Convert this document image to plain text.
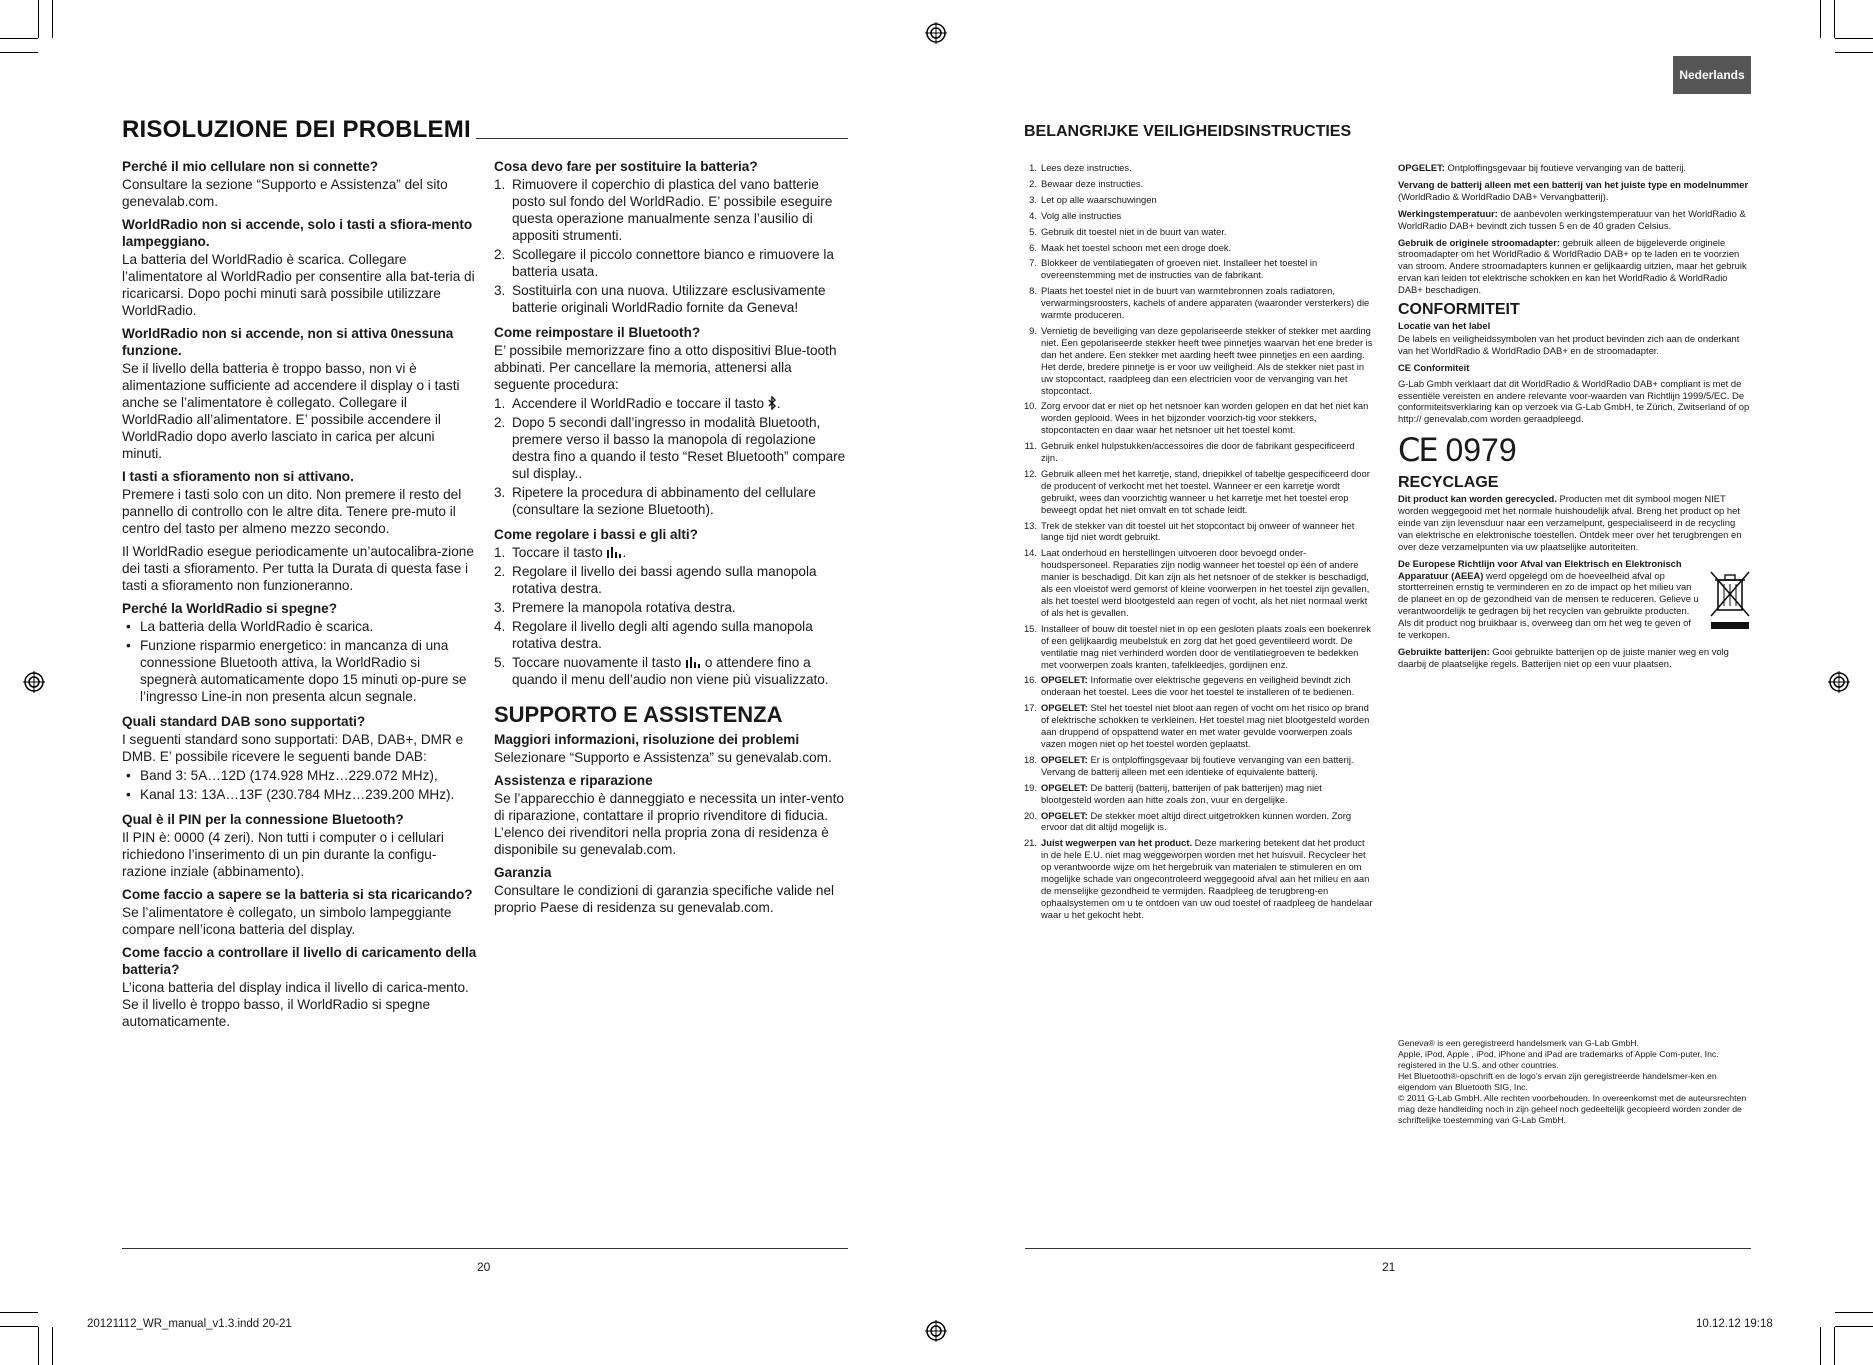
Nederlands
RISOLUZIONE DEI PROBLEMI
Perché il mio cellulare non si connette?

Consultare la sezione “Supporto e Assistenza” del sito genevalab.com.

WorldRadio non si accende, solo i tasti a sfiora-mento lampeggiano.

La batteria del WorldRadio è scarica. Collegare l’alimentatore al WorldRadio per consentire alla bat-teria di ricaricarsi. Dopo pochi minuti sarà possibile utilizzare WorldRadio.

WorldRadio non si accende, non si attiva 0nessuna funzione.

Se il livello della batteria è troppo basso, non vi è alimentazione sufficiente ad accendere il display o i tasti anche se l’alimentatore è collegato. Collegare il WorldRadio all’alimentatore. E’ possibile accendere il WorldRadio dopo averlo lasciato in carica per alcuni minuti.

I tasti a sfioramento non si attivano.

Premere i tasti solo con un dito. Non premere il resto del pannello di controllo con le altre dita. Tenere pre-muto il centro del tasto per almeno mezzo secondo.

Il WorldRadio esegue periodicamente un’autocalibra-zione dei tasti a sfioramento. Per tutta la Durata di questa fase i tasti a sfioramento non funzioneranno.

Perché la WorldRadio si spegne?
• La batteria della WorldRadio è scarica.
• Funzione risparmio energetico: in mancanza di una connessione Bluetooth attiva, la WorldRadio si spegnerà automaticamente dopo 15 minuti op-pure se l’ingresso Line-in non presenta alcun segnale.
Quali standard DAB sono supportati?

I seguenti standard sono supportati: DAB, DAB+, DMR e DMB. E’ possibile ricevere le seguenti bande DAB:

• Band 3: 5A…12D (174.928 MHz…229.072 MHz),
• Kanal 13: 13A…13F (230.784 MHz…239.200 MHz).
Qual è il PIN per la connessione Bluetooth?

Il PIN è: 0000 (4 zeri). Non tutti i computer o i cellulari richiedono l’inserimento di un pin durante la configu-razione inziale (abbinamento).

Come faccio a sapere se la batteria si sta ricaricando?

Se l’alimentatore è collegato, un simbolo lampeggiante compare nell’icona batteria del display.

Come faccio a controllare il livello di caricamento della batteria?

L’icona batteria del display indica il livello di carica-mento. Se il livello è troppo basso, il WorldRadio si spegne automaticamente.

Cosa devo fare per sostituire la batteria?
1. Rimuovere il coperchio di plastica del vano batterie posto sul fondo del WorldRadio. E’ possibile eseguire questa operazione manualmente senza l’ausilio di appositi strumenti.
2. Scollegare il piccolo connettore bianco e rimuovere la batteria usata.
3. Sostituirla con una nuova. Utilizzare esclusivamente batterie originali WorldRadio fornite da Geneva!
Come reimpostare il Bluetooth?

E’ possibile memorizzare fino a otto dispositivi Blue-tooth abbinati. Per cancellare la memoria, attenersi alla seguente procedura:

1. Accendere il WorldRadio e toccare il tasto .
2. Dopo 5 secondi dall’ingresso in modalità Bluetooth, premere verso il basso la manopola di regolazione destra fino a quando il testo “Reset Bluetooth” compare sul display..
3. Ripetere la procedura di abbinamento del cellulare (consultare la sezione Bluetooth).
Come regolare i bassi e gli alti?
1. Toccare il tasto .
2. Regolare il livello dei bassi agendo sulla manopola rotativa destra.
3. Premere la manopola rotativa destra.
4. Regolare il livello degli alti agendo sulla manopola rotativa destra.
5. Toccare nuovamente il tasto o attendere fino a quando il menu dell’audio non viene più visualizzato.
SUPPORTO E ASSISTENZA
Maggiori informazioni, risoluzione dei problemi

Selezionare “Supporto e Assistenza” su genevalab.com.

Assistenza e riparazione

Se l’apparecchio è danneggiato e necessita un inter-vento di riparazione, contattare il proprio rivenditore di fiducia. L’elenco dei rivenditori nella propria zona di residenza è disponibile su genevalab.com.

Garanzia

Consultare le condizioni di garanzia specifiche valide nel proprio Paese di residenza su genevalab.com.

20
BELANGRIJKE VEILIGHEIDSINSTRUCTIES
1. Lees deze instructies.
2. Bewaar deze instructies.
3. Let op alle waarschuwingen
4. Volg alle instructies
5. Gebruik dit toestel niet in de buurt van water.
6. Maak het toestel schoon met een droge doek.
7. Blokkeer de ventilatiegaten of groeven niet. Installeer het toestel in overeenstemming met de instructies van de fabrikant.
8. Plaats het toestel niet in de buurt van warmtebronnen zoals radiatoren, verwarmingsroosters, kachels of andere apparaten (waaronder versterkers) die warmte produceren.
9. Vernietig de beveiliging van deze gepolariseerde stekker of stekker met aarding niet. Een gepolariseerde stekker heeft twee pinnetjes waarvan het ene breder is dan het andere. Een stekker met aarding heeft twee pinnetjes en een aarding. Het derde, bredere pinnetje is er voor uw veiligheid. Als de stekker niet past in uw stopcontact, raadpleeg dan een electricien voor de vervanging van het stopcontact.
10. Zorg ervoor dat er niet op het netsnoer kan worden gelopen en dat het niet kan worden geplooid. Wees in het bijzonder voorzich-tig voor stekkers, stopcontacten en daar waar het netsnoer uit het toestel komt.
11. Gebruik enkel hulpstukken/accessoires die door de fabrikant gespecificeerd zijn.
12. Gebruik alleen met het karretje, stand, driepikkel of tabeltje gespecificeerd door de producent of verkocht met het toestel. Wanneer er een karretje wordt gebruikt, wees dan voorzichtig wanneer u het karretje met het toestel erop beweegt opdat het niet omvalt en tot schade leidt.
13. Trek de stekker van dit toestel uit het stopcontact bij onweer of wanneer het lange tijd niet wordt gebruikt.
14. Laat onderhoud en herstellingen uitvoeren door bevoegd onder-houdspersoneel. Reparaties zijn nodig wanneer het toestel op één of andere manier is beschadigd. Dit kan zijn als het netsnoer of de stekker is beschadigd, als een vloeistof werd gemorst of kleine voorwerpen in het toestel zijn gevallen, als het toestel werd blootgesteld aan regen of vocht, als het niet normaal werkt of als het is gevallen.
15. Installeer of bouw dit toestel niet in op een gesloten plaats zoals een boekenrek of een gelijkaardig meubelstuk en zorg dat het goed geventileerd wordt. De ventilatie mag niet verhinderd worden door de ventilatiegroeven te bedekken met voorwerpen zoals kranten, tafelkleedjes, gordijnen enz.
16. OPGELET: Informatie over elektrische gegevens en veiligheid bevindt zich onderaan het toestel. Lees die voor het toestel te installeren of te bedienen.
17. OPGELET: Stel het toestel niet bloot aan regen of vocht om het risico op brand of elektrische schokken te verkleinen. Het toestel mag niet blootgesteld worden aan druppend of opspattend water en met water gevulde voorwerpen zoals vazen mogen niet op het toestel worden geplaatst.
18. OPGELET: Er is ontploffingsgevaar bij foutieve vervanging van een batterij. Vervang de batterij alleen met een identieke of equivalente batterij.
19. OPGELET: De batterij (batterij, batterijen of pak batterijen) mag niet blootgesteld worden aan hitte zoals zon, vuur en dergelijke.
20. OPGELET: De stekker moet altijd direct uitgetrokken kunnen worden. Zorg ervoor dat dit altijd mogelijk is.
21. Juist wegwerpen van het product. Deze markering betekent dat het product in de hele E.U. niet mag weggeworpen worden met het huisvuil. Recycleer het op verantwoorde wijze om het hergebruik van materialen te stimuleren en om mogelijke schade van ongecontroleerd weggegooid afval aan het milieu en aan de menselijke gezondheid te vermijden. Raadpleeg de terugbreng-en ophaalsystemen om u te ontdoen van uw oud toestel of raadpleeg de handelaar waar u het gekocht hebt.

OPGELET: Ontploffingsgevaar bij foutieve vervanging van de batterij.

Vervang de batterij alleen met een batterij van het juiste type en modelnummer (WorldRadio & WorldRadio DAB+ Vervangbatterij).

Werkingstemperatuur: de aanbevolen werkingstemperatuur van het WorldRadio & WorldRadio DAB+ bevindt zich tussen 5 en de 40 graden Celsius.

Gebruik de originele stroomadapter: gebruik alleen de bijgeleverde originele stroomadapter om het WorldRadio & WorldRadio DAB+ op te laden en te voorzien van stroom. Andere stroomadapters kunnen er gelijkaardig uitzien, maar het gebruik ervan kan leiden tot elektrische schokken en kan het WorldRadio & WorldRadio DAB+ beschadigen.

CONFORMITEIT

Locatie van het label

De labels en veiligheidssymbolen van het product bevinden zich aan de onderkant van het WorldRadio & WorldRadio DAB+ en de stroomadapter.

CE Conformiteit

G-Lab Gmbh verklaart dat dit WorldRadio & WorldRadio DAB+ compliant is met de essentiële vereisten en andere relevante voor-waarden van Richtlijn 1999/5/EC. De conformiteitsverklaring kan op verzoek via G-Lab GmbH, te Zürich, Zwitserland of op http:// genevalab.com worden geraadpleegd.

CE 0979
RECYCLAGE

Dit product kan worden gerecycled. Producten met dit symbool mogen NIET worden weggegooid met het normale huishoudelijk afval. Breng het product op het einde van zijn levensduur naar een verzamelpunt, gespecialiseerd in de recycling van elektrische en elektronische toestellen. Ontdek meer over het terugbrengen en over deze verzamelpunten via uw plaatselijke autoriteiten.

De Europese Richtlijn voor Afval van Elektrisch en Elektronisch Apparatuur (AEEA) werd opgelegd om de hoeveelheid afval op stortterreinen ernstig te verminderen en zo de impact op het milieu van de planeet en op de gezondheid van de mensen te reduceren. Gelieve u verantwoordelijk te gedragen bij het recyclen van gebruikte producten. Als dit product nog bruikbaar is, overweeg dan om het weg te geven of te verkopen.

Gebruikte batterijen: Gooi gebruikte batterijen op de juiste manier weg en volg daarbij de plaatselijke regels. Batterijen niet op een vuur plaatsen.

Geneva® is een geregistreerd handelsmerk van G-Lab GmbH.
Apple, iPod, Apple , iPod, iPhone and iPad are trademarks of Apple Com-puter, Inc. registered in the U.S. and other countries.
Het Bluetooth®-opschrift en de logo’s ervan zijn geregistreerde handelsmer-ken en eigendom van Bluetooth SIG, Inc.
© 2011 G-Lab GmbH. Alle rechten voorbehouden. In overeenkomst met de auteursrechten mag deze handleiding noch in zijn geheel noch gedeeltelijk gecopieerd worden zonder de schriftelijke toestemming van G-Lab GmbH.
21
20121112_WR_manual_v1.3.indd 20-21	10.12.12 19:18
